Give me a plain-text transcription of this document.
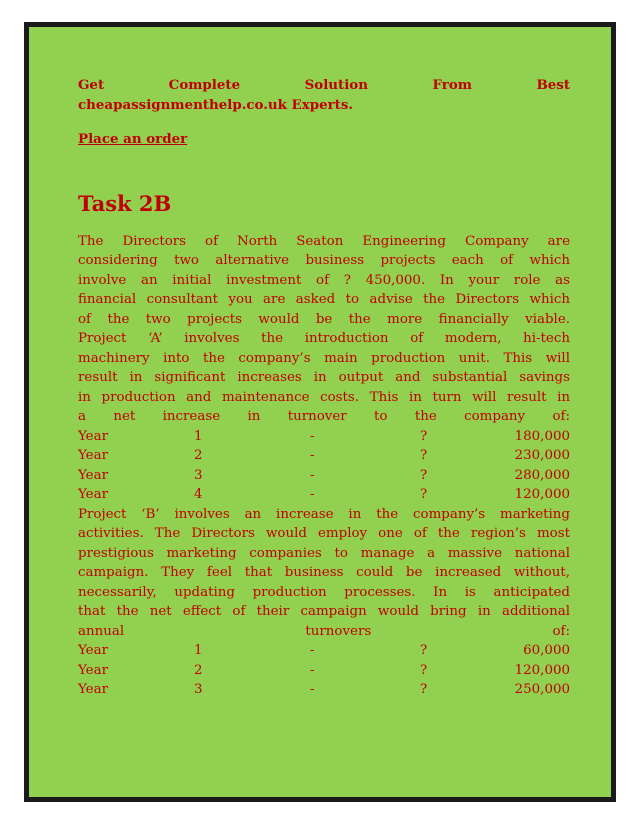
Get	Complete	Solution	From	Best
cheapassignmenthelp.co.uk Experts.
Place an order
Task 2B
The Directors of North Seaton Engineering Company are
considering two alternative business projects each of which
involve an initial investment of ? 450,000. In your role as
financial consultant you are asked to advise the Directors which
of the two projects would be the more financially viable.
Project ‘A’ involves the introduction of modern, hi-tech
machinery into the company’s main production unit. This will
result in significant increases in output and substantial savings
in production and maintenance costs. This in turn will result in
a net increase in turnover to the company of:
Year	1	-	?	180,000
Year	2	-	?	230,000
Year	3	-	?	280,000
Year	4	-	?	120,000
Project ‘B’ involves an increase in the company’s marketing
activities. The Directors would employ one of the region’s most
prestigious marketing companies to manage a massive national
campaign. They feel that business could be increased without,
necessarily, updating production processes. In is anticipated
that the net effect of their campaign would bring in additional
annual turnovers of:
Year	1	-	?	60,000
Year	2	-	?	120,000
Year	3	-	?	250,000
